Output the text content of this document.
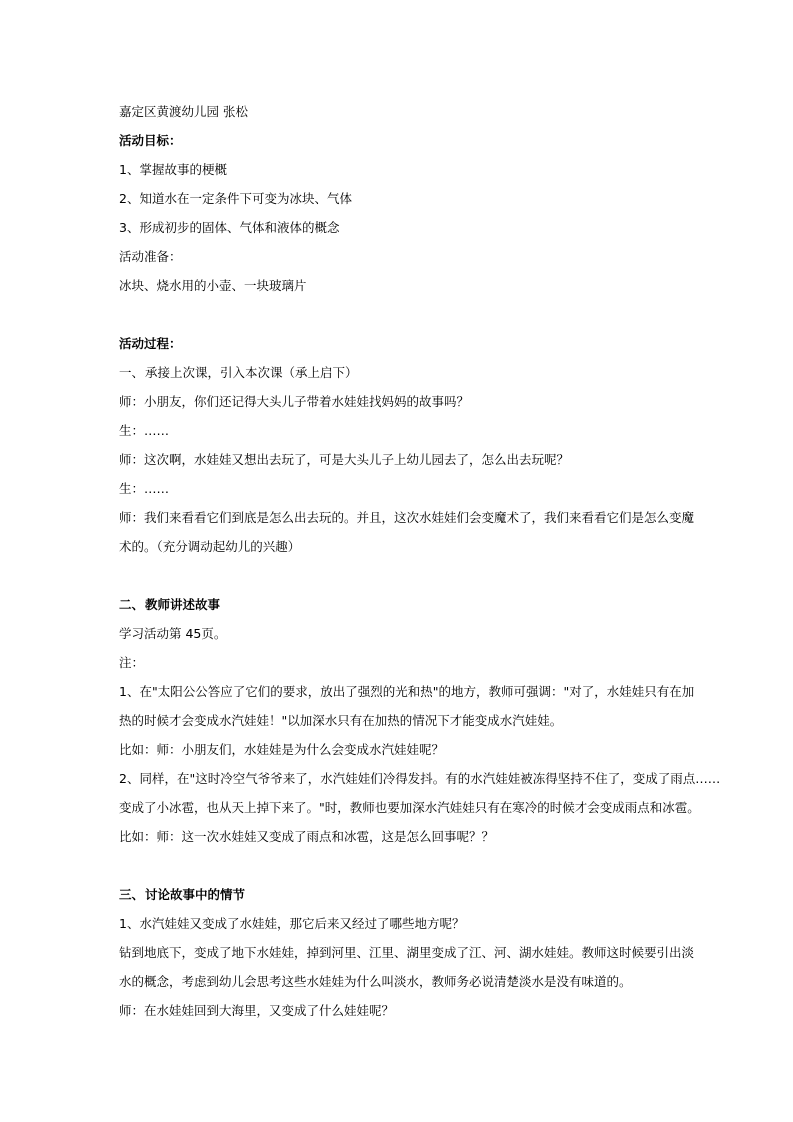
嘉定区黄渡幼儿园 张松
活动目标：
1、掌握故事的梗概
2、知道水在一定条件下可变为冰块、气体
3、形成初步的固体、气体和液体的概念
活动准备：
冰块、烧水用的小壶、一块玻璃片
活动过程：
一、承接上次课，引入本次课（承上启下）
师：小朋友，你们还记得大头儿子带着水娃娃找妈妈的故事吗？
生：……
师：这次啊，水娃娃又想出去玩了，可是大头儿子上幼儿园去了，怎么出去玩呢？
生：……
师：我们来看看它们到底是怎么出去玩的。并且，这次水娃娃们会变魔术了，我们来看看它们是怎么变魔
术的。（充分调动起幼儿的兴趣）
二、教师讲述故事
学习活动第 45页。
注：
1、在"太阳公公答应了它们的要求，放出了强烈的光和热"的地方，教师可强调："对了，水娃娃只有在加
热的时候才会变成水汽娃娃！"以加深水只有在加热的情况下才能变成水汽娃娃。
比如：师：小朋友们，水娃娃是为什么会变成水汽娃娃呢？
2、同样，在"这时冷空气爷爷来了，水汽娃娃们冷得发抖。有的水汽娃娃被冻得坚持不住了，变成了雨点……
变成了小冰雹，也从天上掉下来了。"时，教师也要加深水汽娃娃只有在寒冷的时候才会变成雨点和冰雹。
比如：师：这一次水娃娃又变成了雨点和冰雹，这是怎么回事呢？？
三、讨论故事中的情节
1、水汽娃娃又变成了水娃娃，那它后来又经过了哪些地方呢？
钻到地底下，变成了地下水娃娃，掉到河里、江里、湖里变成了江、河、湖水娃娃。教师这时候要引出淡
水的概念，考虑到幼儿会思考这些水娃娃为什么叫淡水，教师务必说清楚淡水是没有味道的。
师：在水娃娃回到大海里，又变成了什么娃娃呢？
